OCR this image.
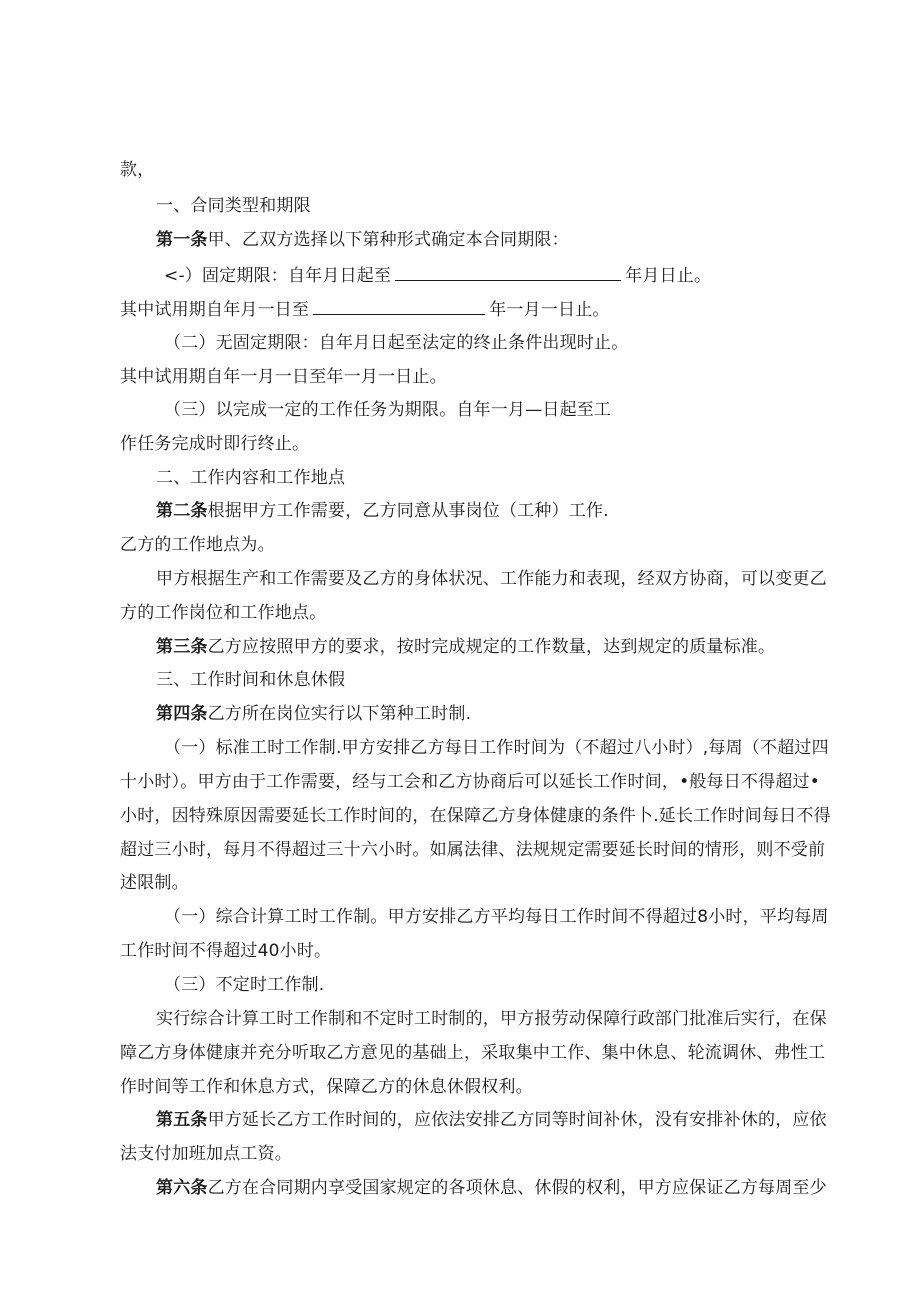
款，
一、合同类型和期限
第一条甲、乙双方选择以下第种形式确定本合同期限：
<-）固定期限：自年月日起至	年月日止。
其中试用期自年月一日至	年一月一日止。
（二）无固定期限：自年月日起至法定的终止条件出现时止。
其中试用期自年一月一日至年一月一日止。
（三）以完成一定的工作任务为期限。自年一月—日起至工
作任务完成时即行终止。
二、工作内容和工作地点
第二条根据甲方工作需要，乙方同意从事岗位（工种）工作.
乙方的工作地点为。
甲方根据生产和工作需要及乙方的身体状况、工作能力和表现，经双方协商，可以变更乙
方的工作岗位和工作地点。
第三条乙方应按照甲方的要求，按时完成规定的工作数量，达到规定的质量标准。
三、工作时间和休息休假
第四条乙方所在岗位实行以下第种工时制.
（一）标准工时工作制.甲方安排乙方每日工作时间为（不超过八小时）,每周（不超过四
十小时）。甲方由于工作需要，经与工会和乙方协商后可以延长工作时间，•般每日不得超过•
小时，因特殊原因需要延长工作时间的，在保障乙方身体健康的条件卜.延长工作时间每日不得
超过三小时，每月不得超过三十六小时。如属法律、法规规定需要延长时间的情形，则不受前
述限制。
（一）综合计算工时工作制。甲方安排乙方平均每日工作时间不得超过8小时，平均每周
工作时间不得超过40小时。
（三）不定时工作制.
实行综合计算工时工作制和不定时工时制的，甲方报劳动保障行政部门批准后实行，在保
障乙方身体健康并充分听取乙方意见的基础上，采取集中工作、集中休息、轮流调休、弗性工
作时间等工作和休息方式，保障乙方的休息休假权利。
第五条甲方延长乙方工作时间的，应依法安排乙方同等时间补休，没有安排补休的，应依
法支付加班加点工资。
第六条乙方在合同期内享受国家规定的各项休息、休假的权利，甲方应保证乙方每周至少
